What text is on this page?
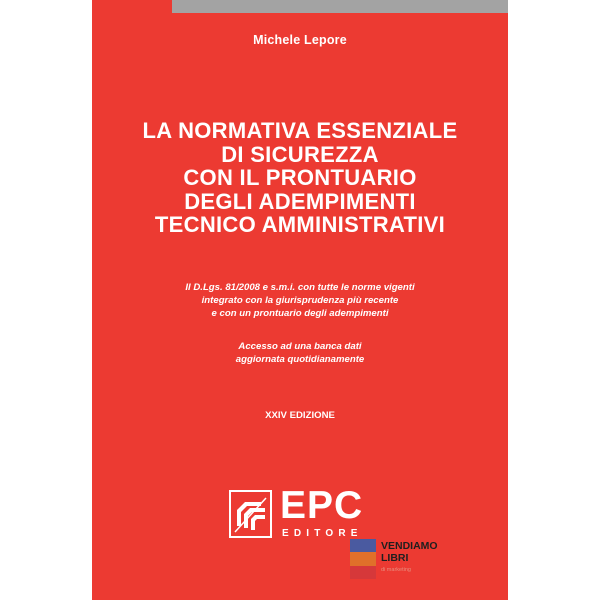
Michele Lepore
LA NORMATIVA ESSENZIALE
DI SICUREZZA
CON IL PRONTUARIO
DEGLI ADEMPIMENTI
TECNICO AMMINISTRATIVI
Il D.Lgs. 81/2008 e s.m.i. con tutte le norme vigenti
integrato con la giurisprudenza più recente
e con un prontuario degli adempimenti
Accesso ad una banca dati
aggiornata quotidianamente
XXIV EDIZIONE
EPC
EDITORE
VENDIAMO
LIBRI
di marketing
